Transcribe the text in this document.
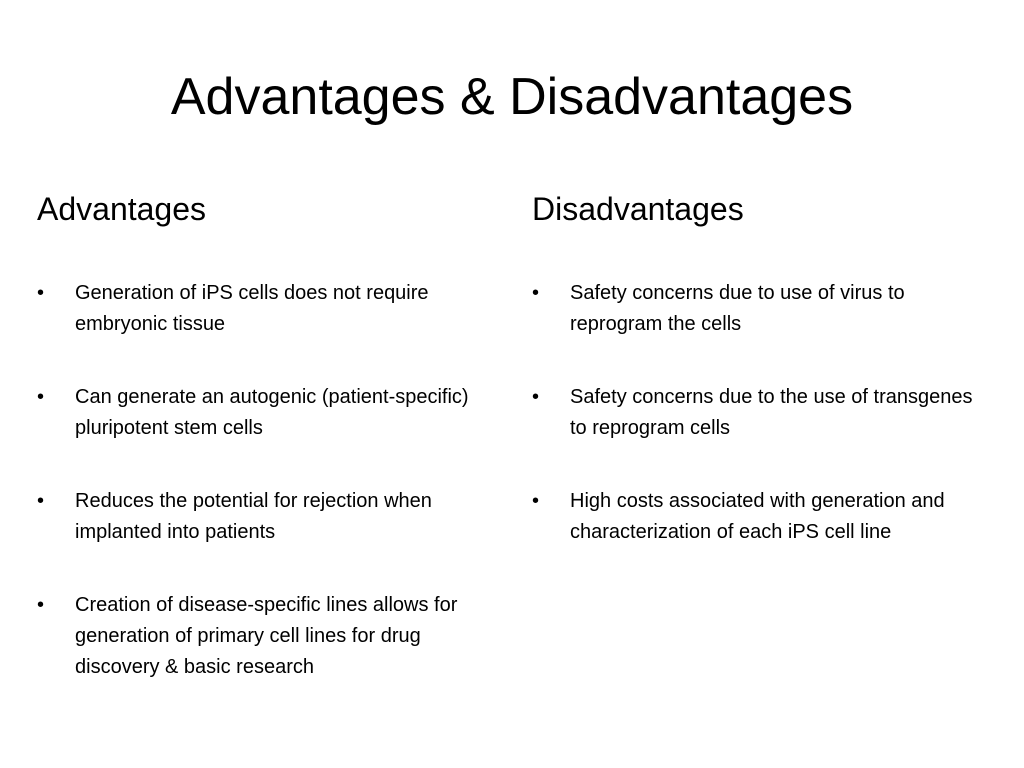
Advantages & Disadvantages
Advantages
• Generation of iPS cells does not require embryonic tissue
• Can generate an autogenic (patient-specific) pluripotent stem cells
• Reduces the potential for rejection when implanted into patients
• Creation of disease-specific lines allows for generation of primary cell lines for drug discovery & basic research
Disadvantages
• Safety concerns due to use of virus to reprogram the cells
• Safety concerns due to the use of transgenes to reprogram cells
• High costs associated with generation and characterization of each iPS cell line
